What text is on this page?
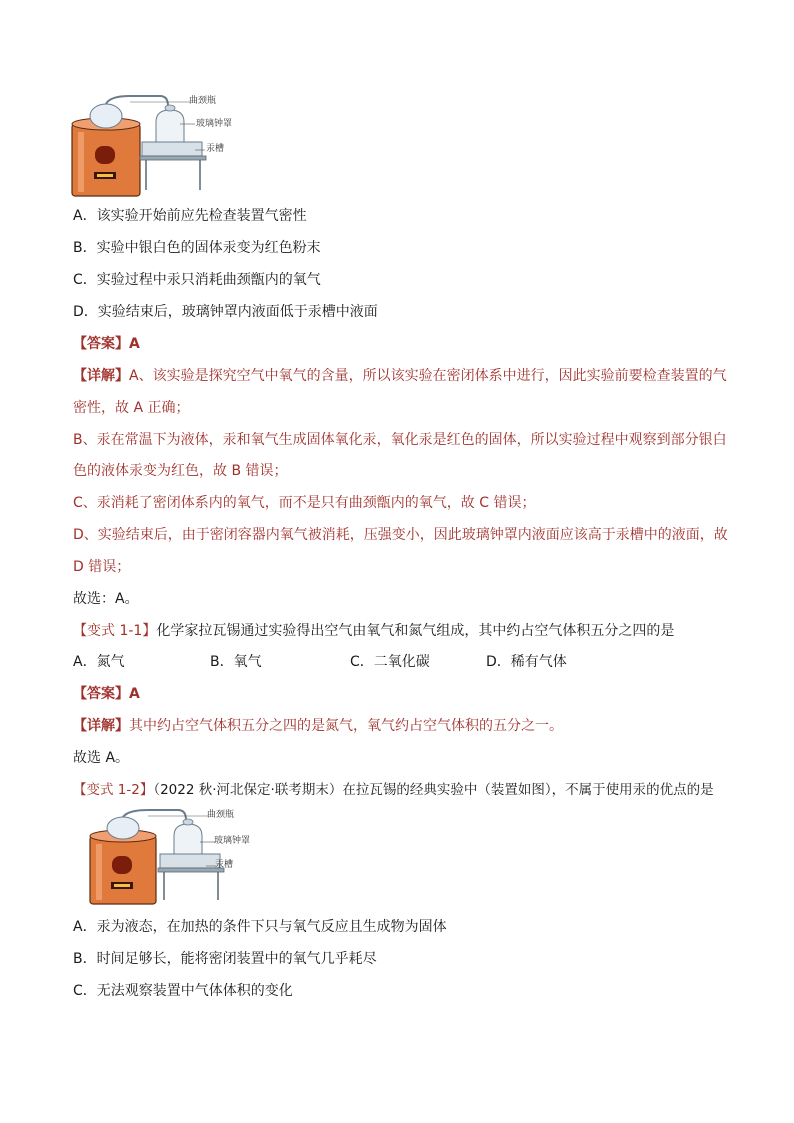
曲颈瓶
玻璃钟罩
汞槽
A．该实验开始前应先检查装置气密性
B．实验中银白色的固体汞变为红色粉末
C．实验过程中汞只消耗曲颈甑内的氧气
D．实验结束后，玻璃钟罩内液面低于汞槽中液面
【答案】A
【详解】A、该实验是探究空气中氧气的含量，所以该实验在密闭体系中进行，因此实验前要检查装置的气
密性，故 A 正确；
B、汞在常温下为液体，汞和氧气生成固体氧化汞，氧化汞是红色的固体，所以实验过程中观察到部分银白
色的液体汞变为红色，故 B 错误；
C、汞消耗了密闭体系内的氧气，而不是只有曲颈甑内的氧气，故 C 错误；
D、实验结束后，由于密闭容器内氧气被消耗，压强变小，因此玻璃钟罩内液面应该高于汞槽中的液面，故
D 错误；
故选：A。
【变式 1-1】化学家拉瓦锡通过实验得出空气由氧气和氮气组成，其中约占空气体积五分之四的是
A．氮气	B．氧气	C．二氧化碳	D．稀有气体
【答案】A
【详解】其中约占空气体积五分之四的是氮气，氧气约占空气体积的五分之一。
故选 A。
【变式 1-2】（2022 秋·河北保定·联考期末）在拉瓦锡的经典实验中（装置如图），不属于使用汞的优点的是
曲颈瓶
玻璃钟罩
汞槽
A．汞为液态，在加热的条件下只与氧气反应且生成物为固体
B．时间足够长，能将密闭装置中的氧气几乎耗尽
C．无法观察装置中气体体积的变化
